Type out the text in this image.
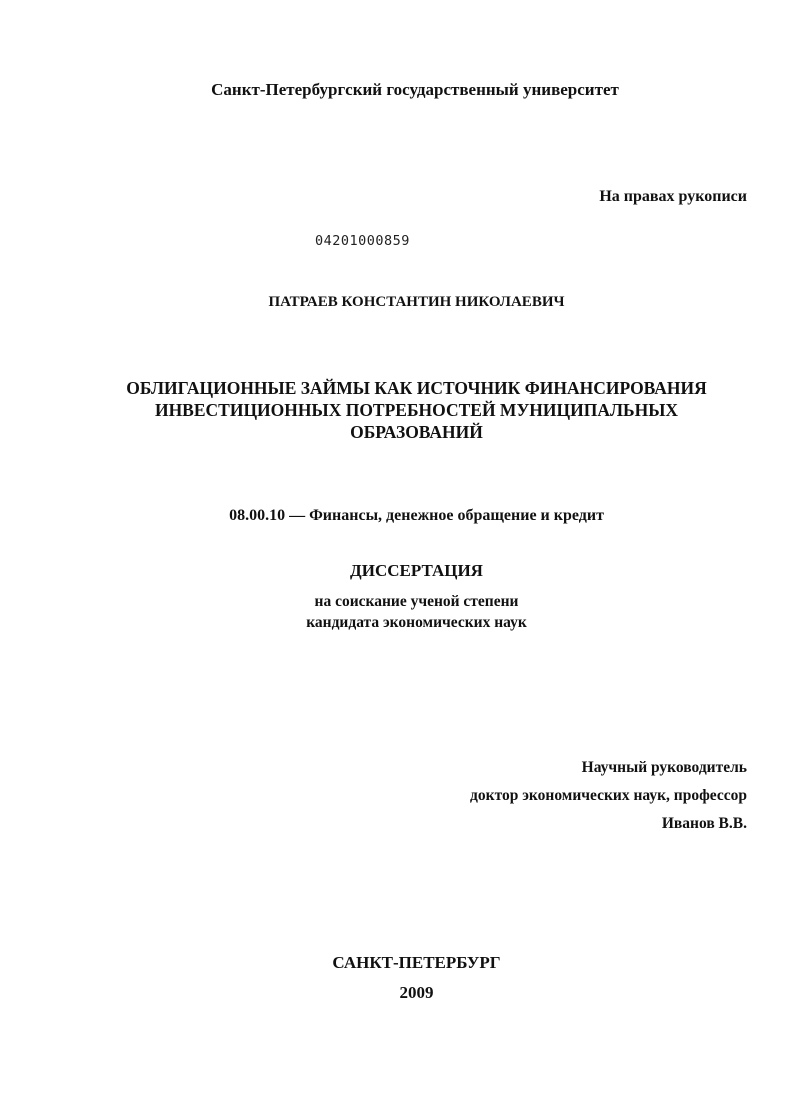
Санкт-Петербургский государственный университет
На правах рукописи
04201000859
ПАТРАЕВ КОНСТАНТИН НИКОЛАЕВИЧ
ОБЛИГАЦИОННЫЕ ЗАЙМЫ КАК ИСТОЧНИК ФИНАНСИРОВАНИЯ
ИНВЕСТИЦИОННЫХ ПОТРЕБНОСТЕЙ МУНИЦИПАЛЬНЫХ
ОБРАЗОВАНИЙ
08.00.10 — Финансы, денежное обращение и кредит
ДИССЕРТАЦИЯ
на соискание ученой степени
кандидата экономических наук
Научный руководитель
доктор экономических наук, профессор
Иванов В.В.
САНКТ-ПЕТЕРБУРГ
2009
